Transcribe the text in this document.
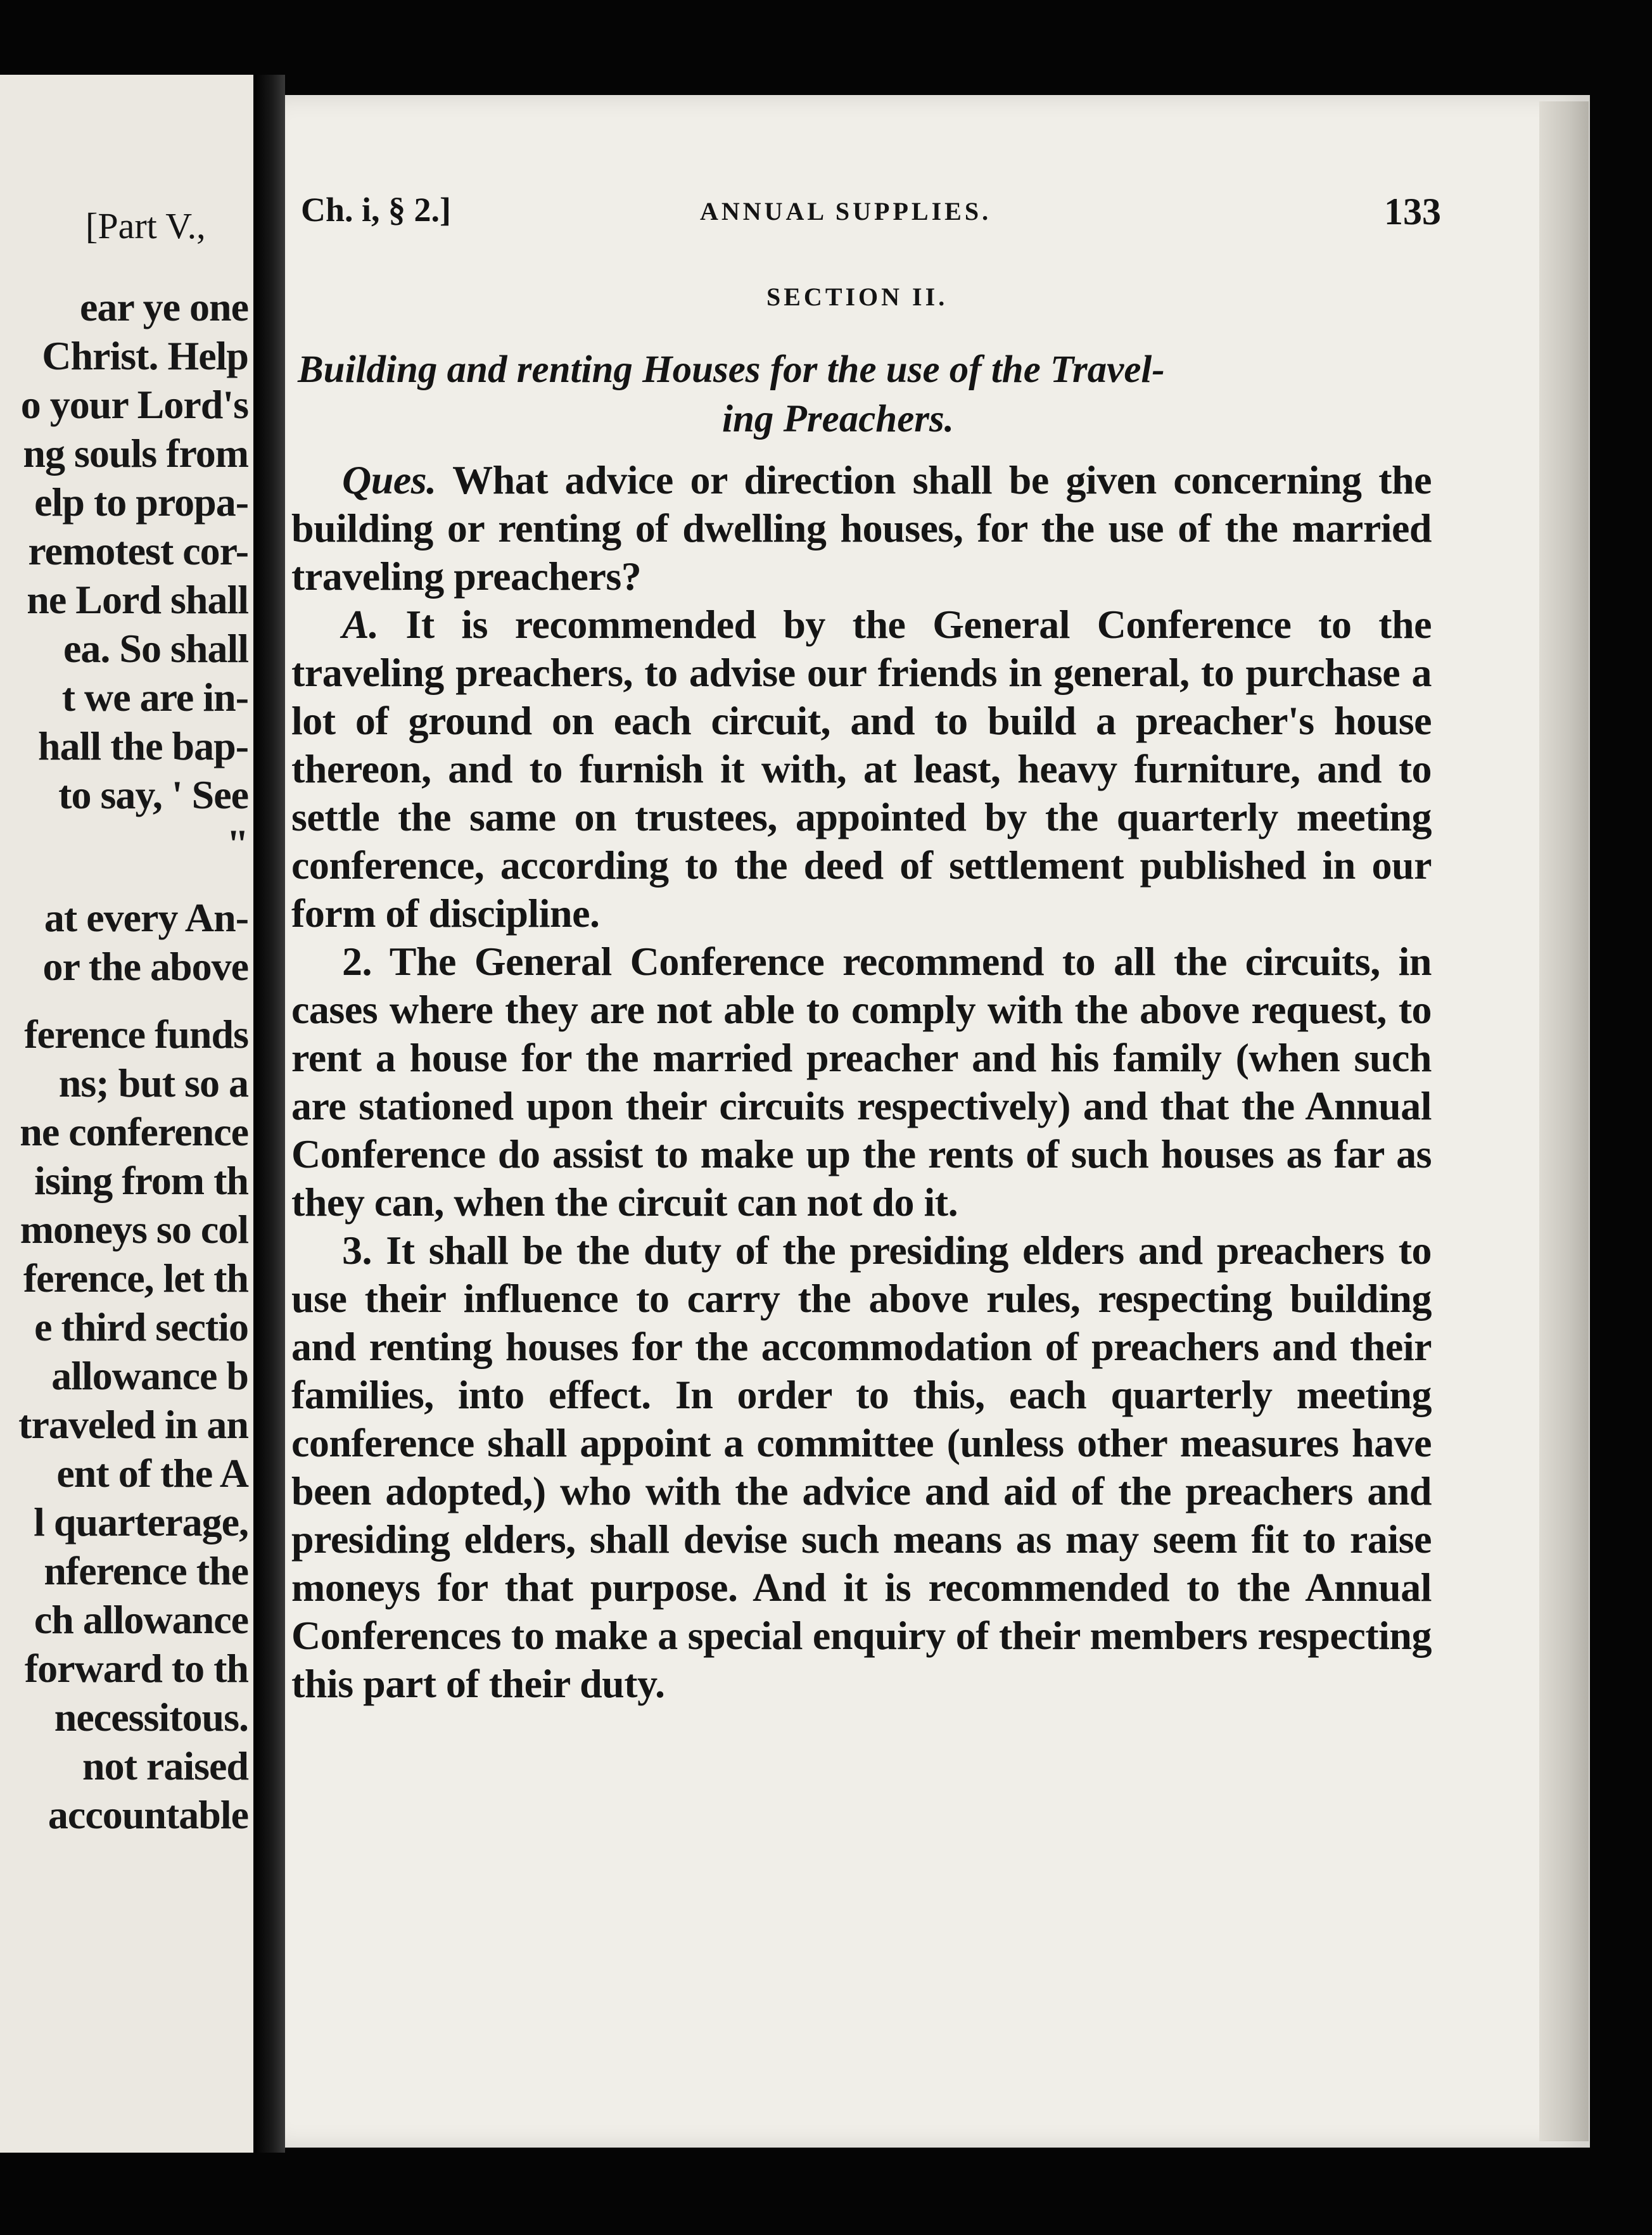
[Part V.,
ear ye one
Christ. Help
o your Lord's
ng souls from
elp to propa-
remotest cor-
ne Lord shall
ea. So shall
t we are in-
hall the bap-
to say, ' See
"
at every An-
or the above
ference funds
ns; but so a
ne conference
ising from th
moneys so col
ference, let th
e third sectio
allowance b
traveled in an
ent of the A
l quarterage,
nference the
ch allowance
forward to th
necessitous.
not raised
accountable
Ch. i, § 2.]	ANNUAL SUPPLIES.	133
SECTION II.
Building and renting Houses for the use of the Travel-
ing Preachers.

Ques. What advice or direction shall be given concerning the building or renting of dwelling houses, for the use of the married traveling preachers?

A. It is recommended by the General Conference to the traveling preachers, to advise our friends in general, to purchase a lot of ground on each circuit, and to build a preacher's house thereon, and to furnish it with, at least, heavy furniture, and to settle the same on trustees, appointed by the quarterly meeting conference, according to the deed of settlement published in our form of discipline.

2. The General Conference recommend to all the circuits, in cases where they are not able to comply with the above request, to rent a house for the married preacher and his family (when such are stationed upon their circuits respectively) and that the Annual Conference do assist to make up the rents of such houses as far as they can, when the circuit can not do it.

3. It shall be the duty of the presiding elders and preachers to use their influence to carry the above rules, respecting building and renting houses for the accommodation of preachers and their families, into effect. In order to this, each quarterly meeting conference shall appoint a committee (unless other measures have been adopted,) who with the advice and aid of the preachers and presiding elders, shall devise such means as may seem fit to raise moneys for that purpose. And it is recommended to the Annual Conferences to make a special enquiry of their members respecting this part of their duty.
